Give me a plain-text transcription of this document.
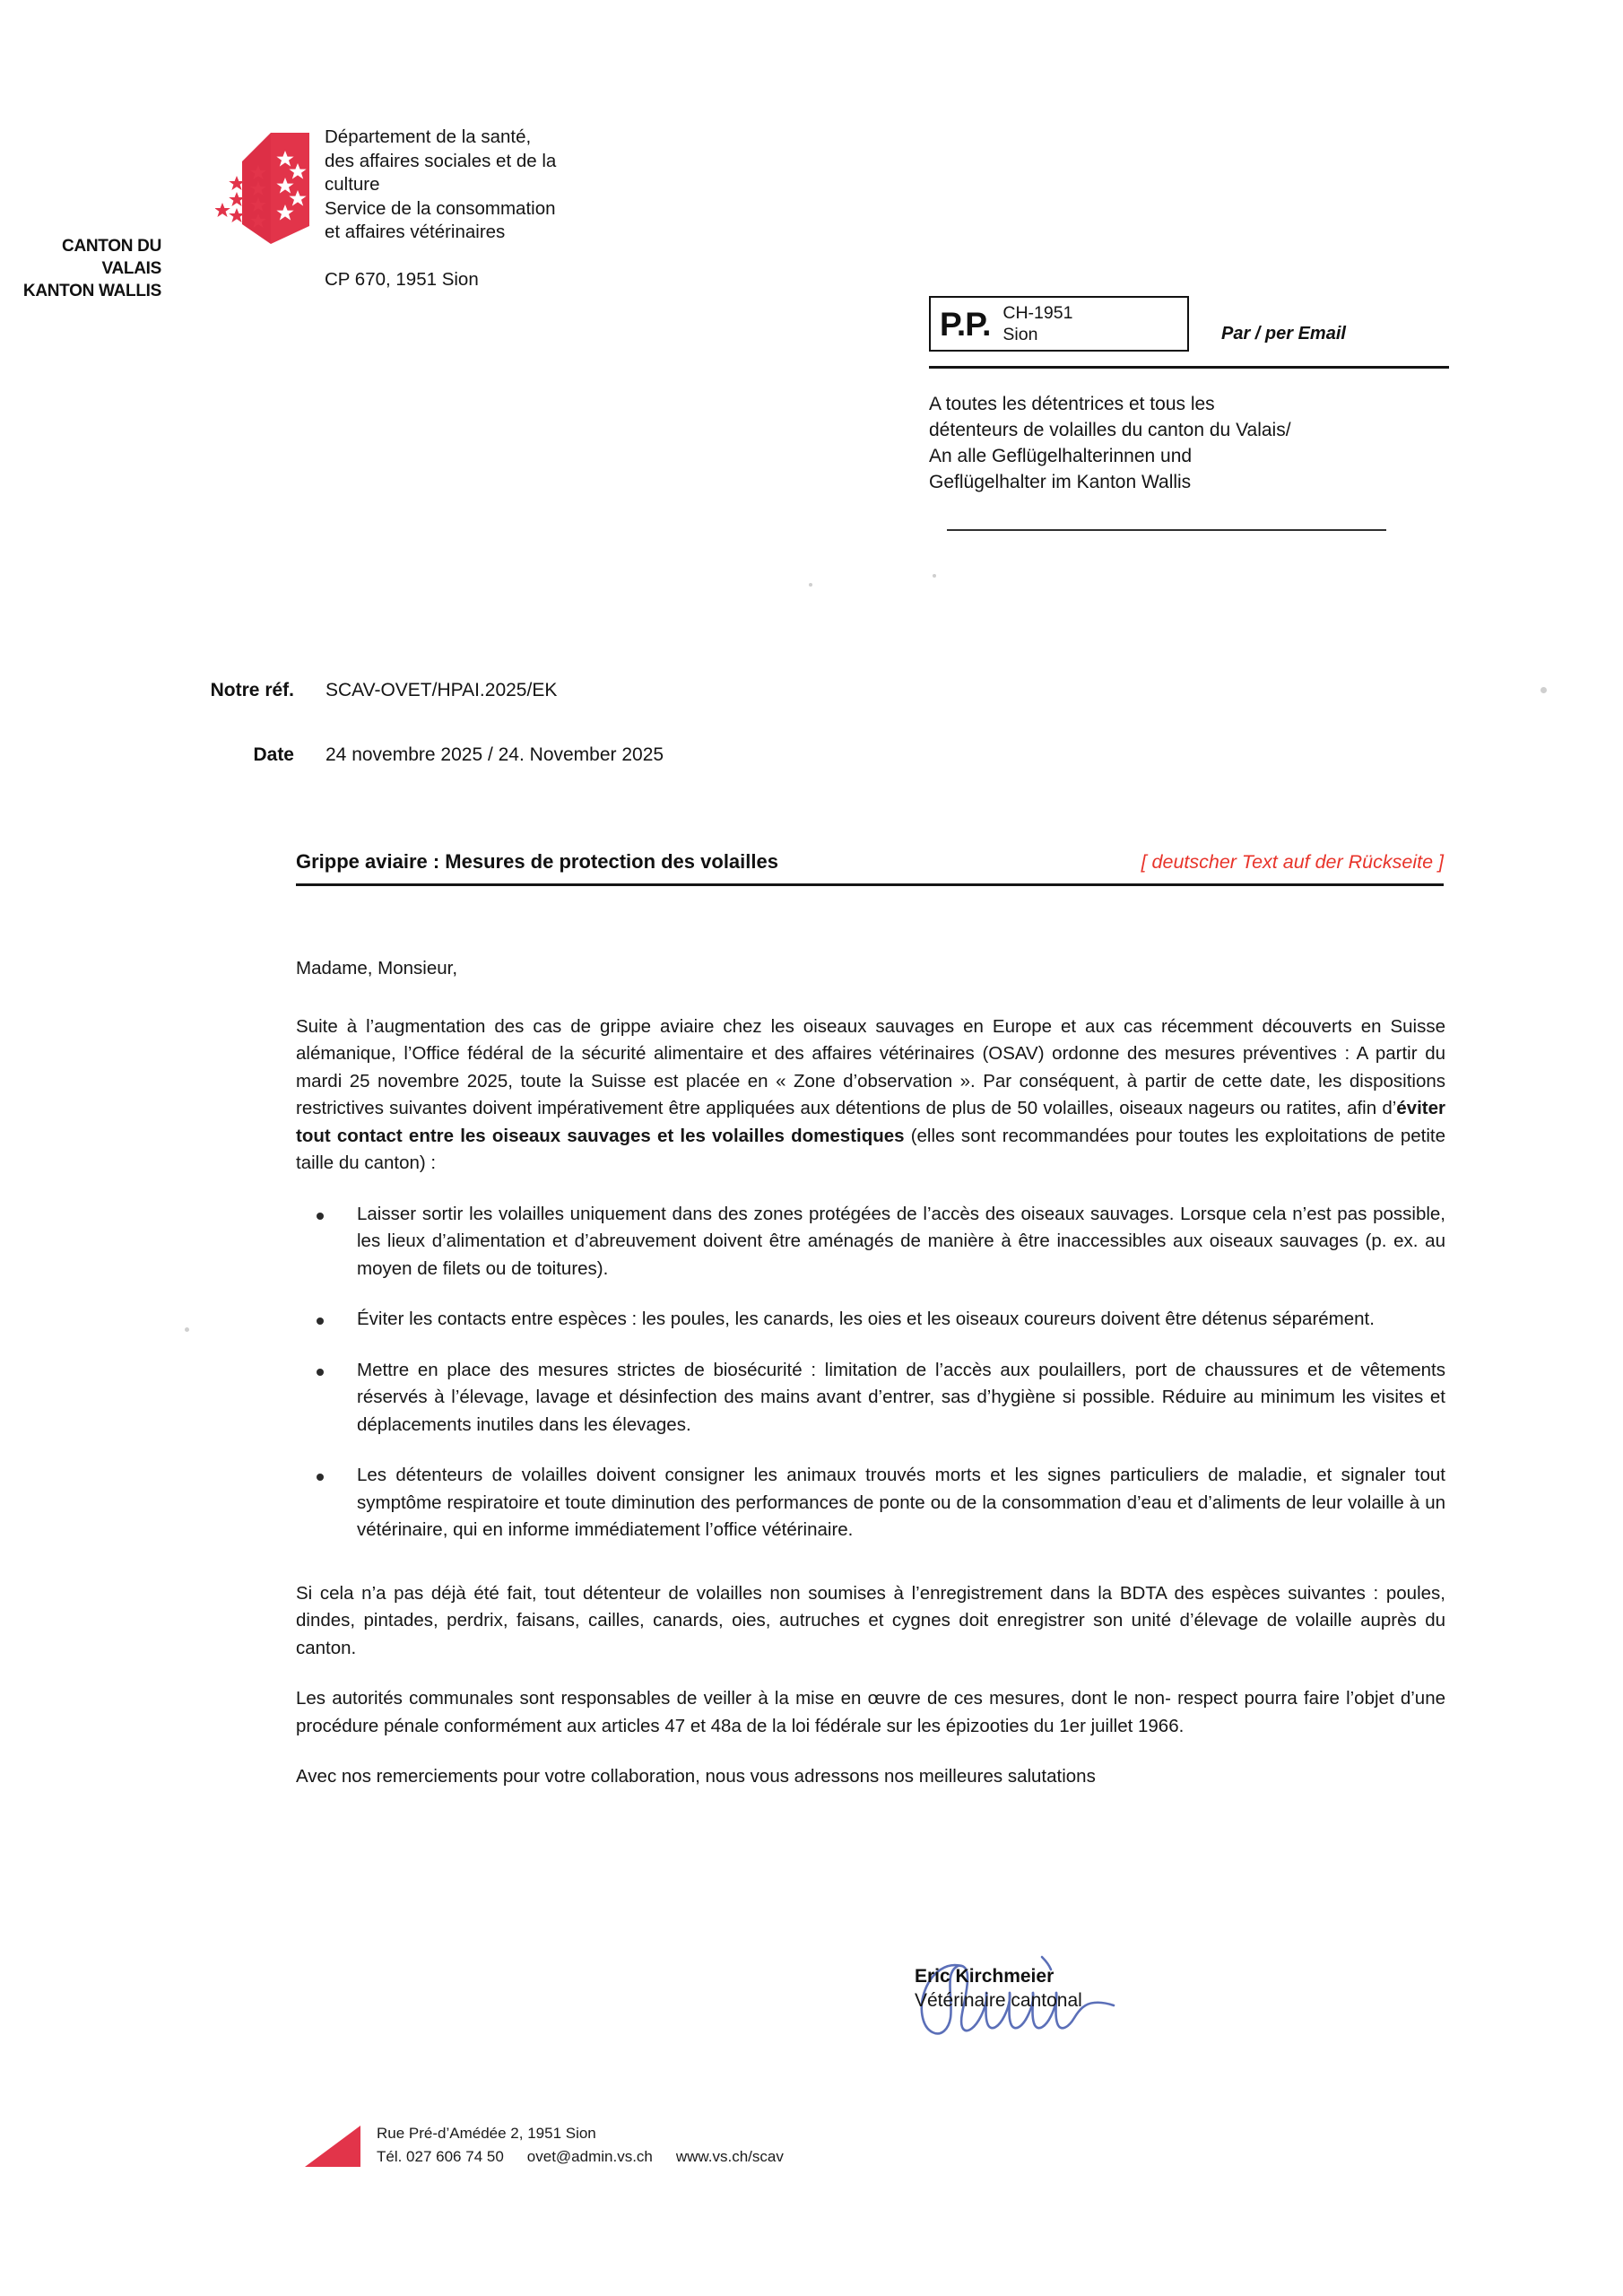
Département de la santé,
des affaires sociales et de la
culture
Service de la consommation
et affaires vétérinaires
CP 670, 1951 Sion
CANTON DU VALAIS
KANTON WALLIS
P.P. CH-1951
Sion	Par / per Email
A toutes les détentrices et tous les
détenteurs de volailles du canton du Valais/
An alle Geflügelhalterinnen und
Geflügelhalter im Kanton Wallis
Notre réf. SCAV-OVET/HPAI.2025/EK
Date 24 novembre 2025 / 24. November 2025
Grippe aviaire : Mesures de protection des volailles	[ deutscher Text auf der Rückseite ]
Madame, Monsieur,

Suite à l’augmentation des cas de grippe aviaire chez les oiseaux sauvages en Europe et aux cas récemment découverts en Suisse alémanique, l’Office fédéral de la sécurité alimentaire et des affaires vétérinaires (OSAV) ordonne des mesures préventives : A partir du mardi 25 novembre 2025, toute la Suisse est placée en « Zone d’observation ». Par conséquent, à partir de cette date, les dispositions restrictives suivantes doivent impérativement être appliquées aux détentions de plus de 50 volailles, oiseaux nageurs ou ratites, afin d’éviter tout contact entre les oiseaux sauvages et les volailles domestiques (elles sont recommandées pour toutes les exploitations de petite taille du canton) :

Laisser sortir les volailles uniquement dans des zones protégées de l’accès des oiseaux sauvages. Lorsque cela n’est pas possible, les lieux d’alimentation et d’abreuvement doivent être aménagés de manière à être inaccessibles aux oiseaux sauvages (p. ex. au moyen de filets ou de toitures).
Éviter les contacts entre espèces : les poules, les canards, les oies et les oiseaux coureurs doivent être détenus séparément.
Mettre en place des mesures strictes de biosécurité : limitation de l’accès aux poulaillers, port de chaussures et de vêtements réservés à l’élevage, lavage et désinfection des mains avant d’entrer, sas d’hygiène si possible. Réduire au minimum les visites et déplacements inutiles dans les élevages.
Les détenteurs de volailles doivent consigner les animaux trouvés morts et les signes particuliers de maladie, et signaler tout symptôme respiratoire et toute diminution des performances de ponte ou de la consommation d’eau et d’aliments de leur volaille à un vétérinaire, qui en informe immédiatement l’office vétérinaire.

Si cela n’a pas déjà été fait, tout détenteur de volailles non soumises à l’enregistrement dans la BDTA des espèces suivantes : poules, dindes, pintades, perdrix, faisans, cailles, canards, oies, autruches et cygnes doit enregistrer son unité d’élevage de volaille auprès du canton.

Les autorités communales sont responsables de veiller à la mise en œuvre de ces mesures, dont le non- respect pourra faire l’objet d’une procédure pénale conformément aux articles 47 et 48a de la loi fédérale sur les épizooties du 1er juillet 1966.

Avec nos remerciements pour votre collaboration, nous vous adressons nos meilleures salutations

Eric Kirchmeier
Vétérinaire cantonal
Rue Pré-d’Amédée 2, 1951 Sion
Tél. 027 606 74 50 ovet@admin.vs.ch www.vs.ch/scav
